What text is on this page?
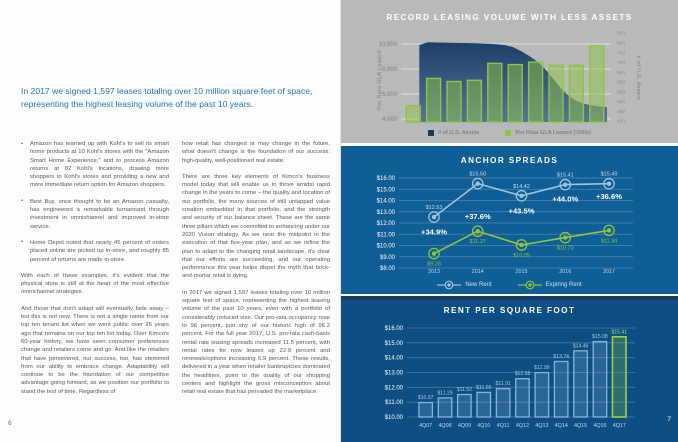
In 2017 we signed 1,597 leases totaling over 10 million square feet of space, representing the highest leasing volume of the past 10 years.

• Amazon has teamed up with Kohl's to sell its smart home products at 10 Kohl's stores with the "Amazon Smart Home Experience," and to process Amazon returns at 82 Kohl's locations, drawing more shoppers to Kohl's stores and providing a new and more immediate return option for Amazon shoppers.

• Best Buy, once thought to be an Amazon casualty, has engineered a remarkable turnaround through investment in omnichannel and improved in-store service.

• Home Depot noted that nearly 45 percent of orders placed online are picked up in-store, and roughly 85 percent of returns are made in-store.

With each of these examples, it's evident that the physical store is still at the heart of the most effective omnichannel strategies.

And those that don't adapt will eventually fade away – but this is not new. There is not a single name from our top ten tenant list when we went public over 25 years ago that remains on our top ten list today. Over Kimco's 60-year history, we have seen consumer preferences change and retailers come and go. And like the retailers that have persevered, our success, too, has stemmed from our ability to embrace change. Adaptability will continue to be the foundation of our competitive advantage going forward, as we position our portfolio to stand the test of time. Regardless of

how retail has changed or may change in the future, what doesn't change is the foundation of our success: high-quality, well-positioned real estate.

There are three key elements of Kimco's business model today that will enable us to thrive amidst rapid change in the years to come – the quality and location of our portfolio, the many sources of still untapped value creation embedded in that portfolio, and the strength and security of our balance sheet. These are the same three pillars which we committed to enhancing under our 2020 Vision strategy. As we near the midpoint in the execution of that five-year plan, and as we refine the plan to adapt to the changing retail landscape, it's clear that our efforts are succeeding, and our operating performance this year helps dispel the myth that brick-and-mortar retail is dying.

In 2017 we signed 1,597 leases totaling over 10 million square feet of space, representing the highest leasing volume of the past 10 years, even with a portfolio of considerably reduced size. Our pro-rata occupancy rose to 96 percent, just shy of our historic high of 96.2 percent. For the full year 2017, U.S. pro-rata cash-basis rental rate leasing spreads increased 11.5 percent, with rental rates for new leases up 22.9 percent and renewals/options increasing 6.9 percent. These results, delivered in a year when retailer bankruptcies dominated the headlines, point to the quality of our shopping centers and highlight the gross misconception about retail real estate that has pervaded the marketplace.

6
RECORD LEASING VOLUME WITH LESS ASSETS
4,000
6,000
8,000
10,000
400
450
500
550
600
650
700
750
800
850
Pro Rata GLA Leased	# of U.S. Assets
# of U.S. Assets	Pro Rata GLA Leased ('000s)
ANCHOR SPREADS
$8.00
$9.00
$10.00
$11.00
$12.00
$13.00
$14.00
$15.00
$16.00
2013	2014	2015	2016	2017
$12.53
$15.50
$14.42
$15.41	$15.49
$9.28
$11.27
$10.05
$10.70
$11.34
+34.9%
+37.6%
+43.5%
+44.0% +36.6%
New Rent	Expiring Rent
RENT PER SQUARE FOOT
$10.00
$11.00
$12.00
$13.00
$14.00
$15.00
$16.00
$10.97
4Q07
$11.29
4Q08
$11.52
4Q09
$11.66
4Q10
$11.91
4Q11
$12.58
4Q12
$12.99
4Q13
$13.74
4Q14
$14.46
4Q15
$15.08
4Q16
$15.41
4Q17
7
